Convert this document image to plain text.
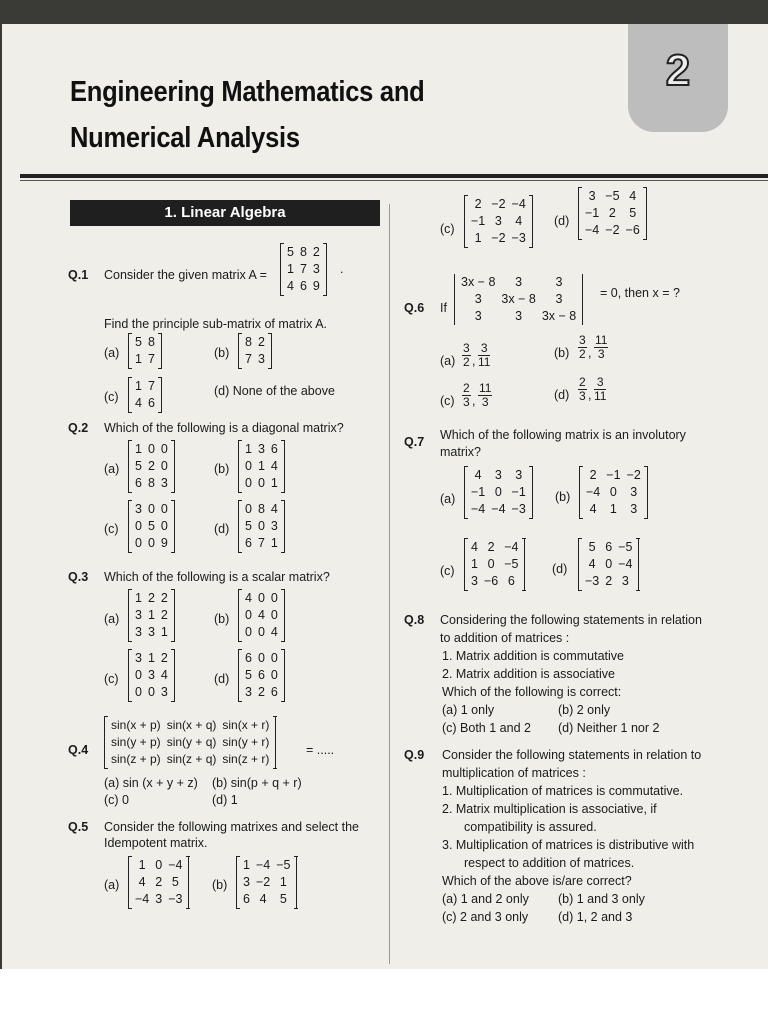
2
Engineering Mathematics and
Numerical Analysis
1. Linear Algebra
Q.1 Consider the given matrix A =
5 8 2
1 7 3
4 6 9
.
Find the principle sub-matrix of matrix A.
(a)
5 8
1 7	(b)
8 2
7 3
(c)
1 7
4 6
(d) None of the above
Q.2 Which of the following is a diagonal matrix?
(a)
1 0 0
5 2 0
6 8 3
(b)
1 3 6
0 1 4
0 0 1
(c)
3 0 0
0 5 0
0 0 9
(d)
0 8 4
5 0 3
6 7 1
Q.3 Which of the following is a scalar matrix?
(a)
1 2 2
3 1 2
3 3 1
(b)
4 0 0
0 4 0
0 0 4
(c)
3 1 2
0 3 4
0 0 3
(d)
6 0 0
5 6 0
3 2 6
Q.4
sin(x + p) sin(x + q) sin(x + r)
sin(y + p) sin(y + q) sin(y + r)
sin(z + p) sin(z + q) sin(z + r)
= .....
(a) sin (x + y + z) (b) sin(p + q + r)
(c) 0	(d) 1
Q.5 Consider the following matrixes and select the
Idempotent matrix.
(a)
1 0 −4
4 2 5
−4 3 −3
(b)
1 −4 −5
3 −2 1
6 4	5
(c)
2 −2 −4
−1 3	4
1 −2 −3
(d)
3 −5 4
−1 2	5
−4 −2 −6
Q.6 If
3x − 8	3	3
3	3x − 8	3
3	3	3x − 8
= 0, then x = ?
$(a) \frac{3}{2}$ , $\frac{3}{11}$	$(b) \frac{3}{2}$ , $\frac{11}{3}$
$(c) \frac{2}{3}$ , $\frac{11}{3}$	$(d) \frac{2}{3}$ , $\frac{3}{11}$
Q.7 Which of the following matrix is an involutory
matrix?
(a)
4	3	3
−1 0 −1
−4 −4 −3
(b)
2 −1 −2
−4 0	3
4	1	3
(c)
4 2 −4
1 0 −5
3 −6 6
(d)
5 6 −5
4 0 −4
−3 2 3
Q.8 Considering the following statements in relation
to addition of matrices :
1. Matrix addition is commutative
2. Matrix addition is associative
Which of the following is correct:
(a) 1 only	(b) 2 only
(c) Both 1 and 2 (d) Neither 1 nor 2
Q.9 Consider the following statements in relation to
multiplication of matrices :
1. Multiplication of matrices is commutative.
2. Matrix multiplication is associative, if
compatibility is assured.
3. Multiplication of matrices is distributive with
respect to addition of matrices.
Which of the above is/are correct?
(a) 1 and 2 only (b) 1 and 3 only
(c) 2 and 3 only (d) 1, 2 and 3
